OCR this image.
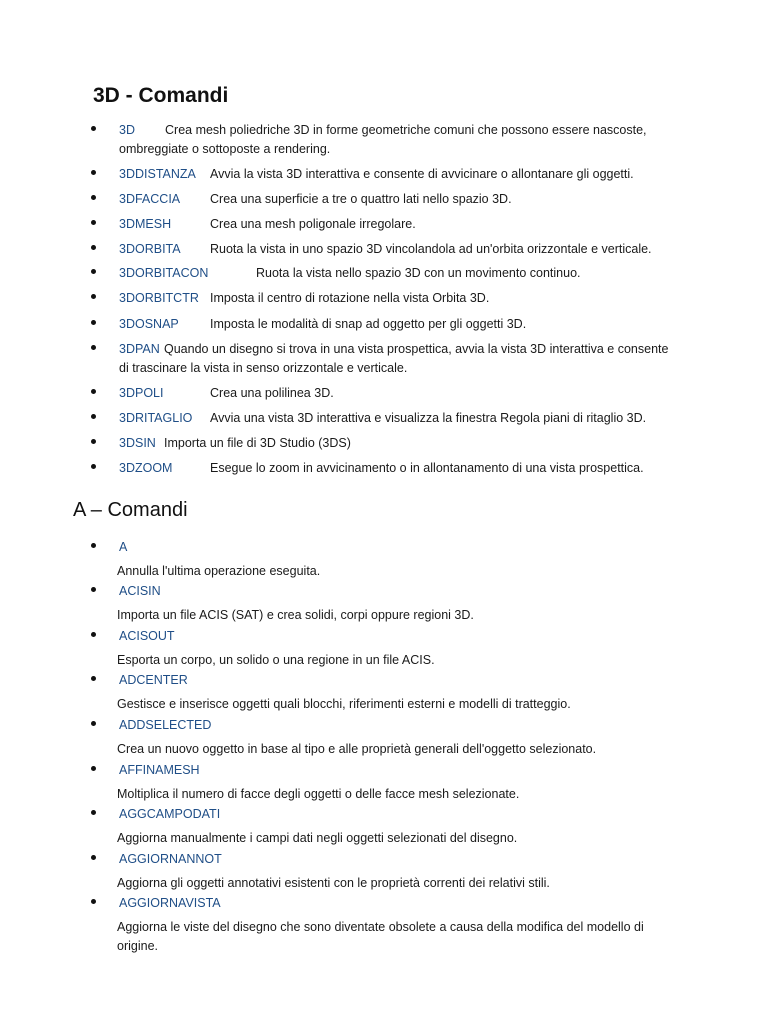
3D - Comandi
3D Crea mesh poliedriche 3D in forme geometriche comuni che possono essere nascoste,
ombreggiate o sottoposte a rendering.
3DDISTANZA Avvia la vista 3D interattiva e consente di avvicinare o allontanare gli oggetti.
3DFACCIA Crea una superficie a tre o quattro lati nello spazio 3D.
3DMESH	Crea una mesh poligonale irregolare.
3DORBITA Ruota la vista in uno spazio 3D vincolandola ad un'orbita orizzontale e verticale.
3DORBITACON	Ruota la vista nello spazio 3D con un movimento continuo.
3DORBITCTR Imposta il centro di rotazione nella vista Orbita 3D.
3DOSNAP	Imposta le modalità di snap ad oggetto per gli oggetti 3D.
3DPAN Quando un disegno si trova in una vista prospettica, avvia la vista 3D interattiva e consente
di trascinare la vista in senso orizzontale e verticale.
3DPOLI	Crea una polilinea 3D.
3DRITAGLIO Avvia una vista 3D interattiva e visualizza la finestra Regola piani di ritaglio 3D.
3DSIN Importa un file di 3D Studio (3DS)
3DZOOM	Esegue lo zoom in avvicinamento o in allontanamento di una vista prospettica.
A – Comandi
A
Annulla l'ultima operazione eseguita.
ACISIN
Importa un file ACIS (SAT) e crea solidi, corpi oppure regioni 3D.
ACISOUT
Esporta un corpo, un solido o una regione in un file ACIS.
ADCENTER
Gestisce e inserisce oggetti quali blocchi, riferimenti esterni e modelli di tratteggio.
ADDSELECTED
Crea un nuovo oggetto in base al tipo e alle proprietà generali dell'oggetto selezionato.
AFFINAMESH
Moltiplica il numero di facce degli oggetti o delle facce mesh selezionate.
AGGCAMPODATI
Aggiorna manualmente i campi dati negli oggetti selezionati del disegno.
AGGIORNANNOT
Aggiorna gli oggetti annotativi esistenti con le proprietà correnti dei relativi stili.
AGGIORNAVISTA
Aggiorna le viste del disegno che sono diventate obsolete a causa della modifica del modello di
origine.
